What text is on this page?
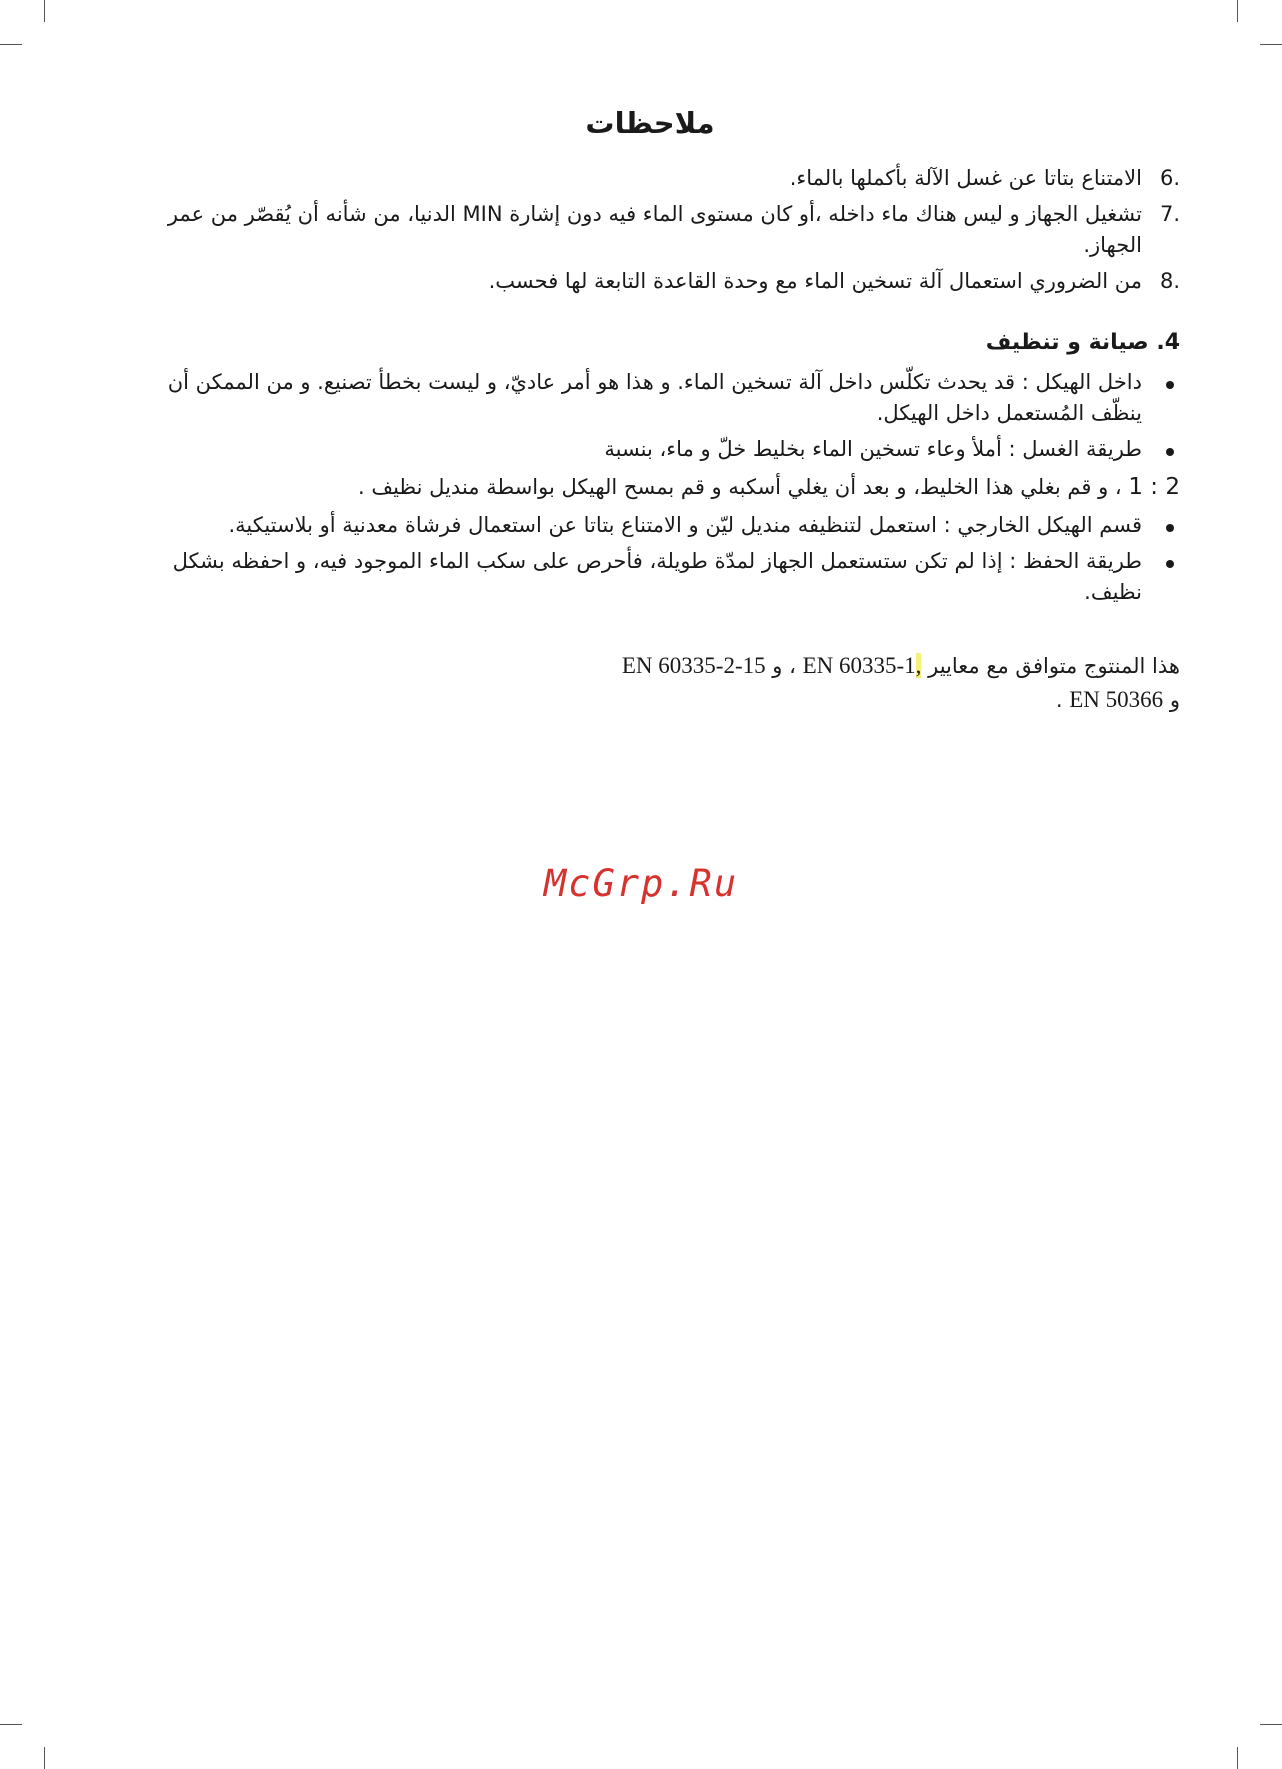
ملاحظات
6.
الامتناع بتاتا عن غسل الآلة بأكملها بالماء.
7.
تشغيل الجهاز و ليس هناك ماء داخله ،أو كان مستوى الماء فيه دون إشارة MIN الدنيا، من شأنه أن يُقصّر من عمر الجهاز.
8.
من الضروري استعمال آلة تسخين الماء مع وحدة القاعدة التابعة لها فحسب.
4. صيانة و تنظيف
داخل الهيكل : قد يحدث تكلّس داخل آلة تسخين الماء. و هذا هو أمر عاديّ، و ليست بخطأ تصنيع. و من الممكن أن ينظّف المُستعمل داخل الهيكل.
طريقة الغسل : أملأ وعاء تسخين الماء بخليط خلّ و ماء، بنسبة
1 : 2 ، و قم بغلي هذا الخليط، و بعد أن يغلي أسكبه و قم بمسح الهيكل بواسطة منديل نظيف .
قسم الهيكل الخارجي : استعمل لتنظيفه منديل ليّن و الامتناع بتاتا عن استعمال فرشاة معدنية أو بلاستيكية.
طريقة الحفظ : إذا لم تكن ستستعمل الجهاز لمدّة طويلة، فأحرص على سكب الماء الموجود فيه، و احفظه بشكل نظيف.
هذا المنتوج متوافق مع معايير EN 60335-1, ، و EN 60335-2-15
و EN 50366 .
McGrp.Ru
